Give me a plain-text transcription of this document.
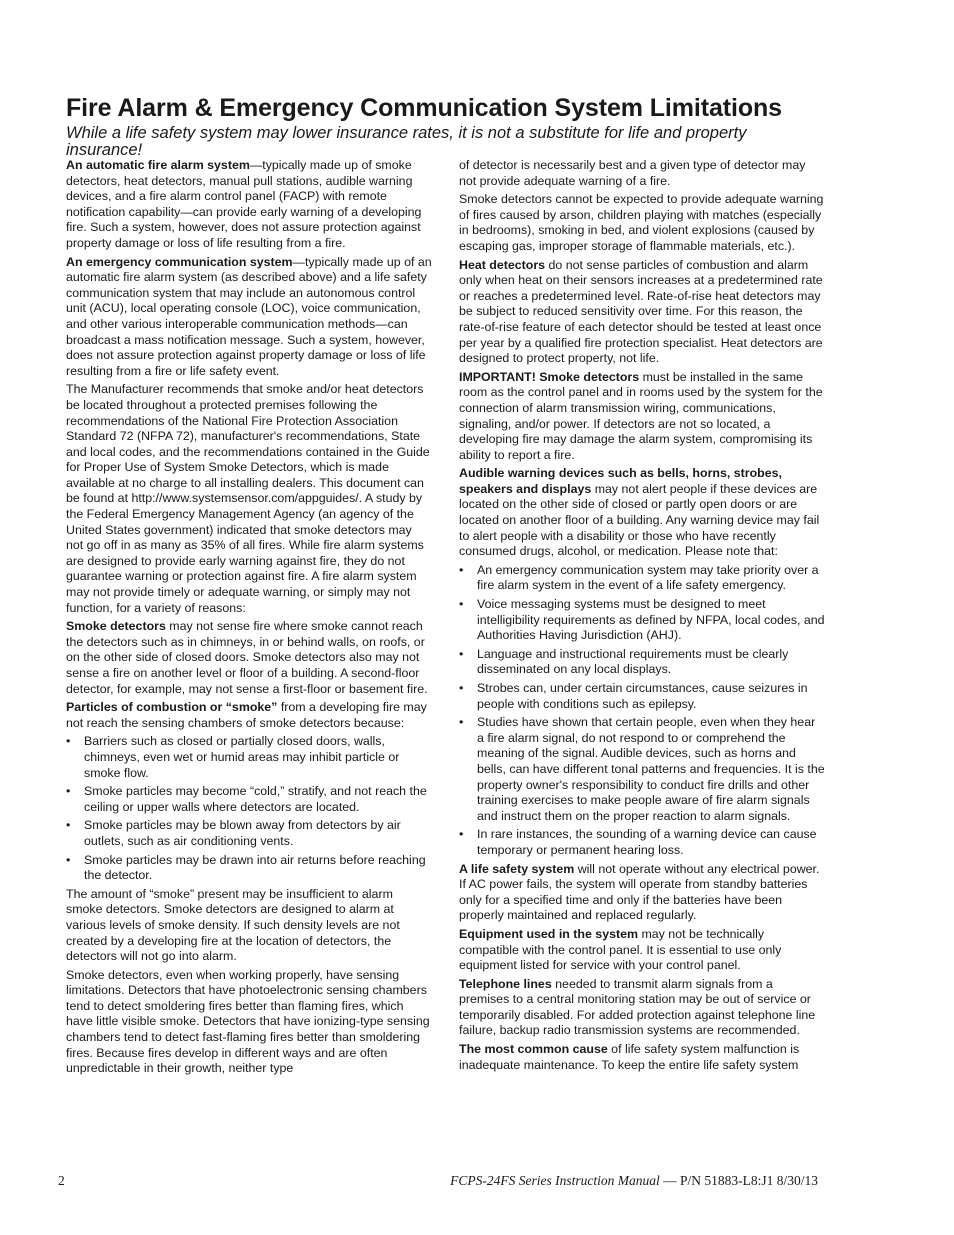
Fire Alarm & Emergency Communication System Limitations

While a life safety system may lower insurance rates, it is not a substitute for life and property insurance!

An automatic fire alarm system—typically made up of smoke detectors, heat detectors, manual pull stations, audible warning devices, and a fire alarm control panel (FACP) with remote notification capability—can provide early warning of a developing fire. Such a system, however, does not assure protection against property damage or loss of life resulting from a fire.

An emergency communication system—typically made up of an automatic fire alarm system (as described above) and a life safety communication system that may include an autonomous control unit (ACU), local operating console (LOC), voice communication, and other various interoperable communication methods—can broadcast a mass notification message. Such a system, however, does not assure protection against property damage or loss of life resulting from a fire or life safety event.

The Manufacturer recommends that smoke and/or heat detectors be located throughout a protected premises following the recommendations of the National Fire Protection Association Standard 72 (NFPA 72), manufacturer's recommendations, State and local codes, and the recommendations contained in the Guide for Proper Use of System Smoke Detectors, which is made available at no charge to all installing dealers. This document can be found at http://www.systemsensor.com/appguides/. A study by the Federal Emergency Management Agency (an agency of the United States government) indicated that smoke detectors may not go off in as many as 35% of all fires. While fire alarm systems are designed to provide early warning against fire, they do not guarantee warning or protection against fire. A fire alarm system may not provide timely or adequate warning, or simply may not function, for a variety of reasons:

Smoke detectors may not sense fire where smoke cannot reach the detectors such as in chimneys, in or behind walls, on roofs, or on the other side of closed doors. Smoke detectors also may not sense a fire on another level or floor of a building. A second-floor detector, for example, may not sense a first-floor or basement fire.

Particles of combustion or “smoke” from a developing fire may not reach the sensing chambers of smoke detectors because:

• Barriers such as closed or partially closed doors, walls, chimneys, even wet or humid areas may inhibit particle or smoke flow.
• Smoke particles may become “cold,” stratify, and not reach the ceiling or upper walls where detectors are located.
• Smoke particles may be blown away from detectors by air outlets, such as air conditioning vents.
• Smoke particles may be drawn into air returns before reaching the detector.

The amount of “smoke” present may be insufficient to alarm smoke detectors. Smoke detectors are designed to alarm at various levels of smoke density. If such density levels are not created by a developing fire at the location of detectors, the detectors will not go into alarm.

Smoke detectors, even when working properly, have sensing limitations. Detectors that have photoelectronic sensing chambers tend to detect smoldering fires better than flaming fires, which have little visible smoke. Detectors that have ionizing-type sensing chambers tend to detect fast-flaming fires better than smoldering fires. Because fires develop in different ways and are often unpredictable in their growth, neither type

of detector is necessarily best and a given type of detector may not provide adequate warning of a fire.

Smoke detectors cannot be expected to provide adequate warning of fires caused by arson, children playing with matches (especially in bedrooms), smoking in bed, and violent explosions (caused by escaping gas, improper storage of flammable materials, etc.).

Heat detectors do not sense particles of combustion and alarm only when heat on their sensors increases at a predetermined rate or reaches a predetermined level. Rate-of-rise heat detectors may be subject to reduced sensitivity over time. For this reason, the rate-of-rise feature of each detector should be tested at least once per year by a qualified fire protection specialist. Heat detectors are designed to protect property, not life.

IMPORTANT! Smoke detectors must be installed in the same room as the control panel and in rooms used by the system for the connection of alarm transmission wiring, communications, signaling, and/or power. If detectors are not so located, a developing fire may damage the alarm system, compromising its ability to report a fire.

Audible warning devices such as bells, horns, strobes, speakers and displays may not alert people if these devices are located on the other side of closed or partly open doors or are located on another floor of a building. Any warning device may fail to alert people with a disability or those who have recently consumed drugs, alcohol, or medication. Please note that:

• An emergency communication system may take priority over a fire alarm system in the event of a life safety emergency.
• Voice messaging systems must be designed to meet intelligibility requirements as defined by NFPA, local codes, and Authorities Having Jurisdiction (AHJ).
• Language and instructional requirements must be clearly disseminated on any local displays.
• Strobes can, under certain circumstances, cause seizures in people with conditions such as epilepsy.
• Studies have shown that certain people, even when they hear a fire alarm signal, do not respond to or comprehend the meaning of the signal. Audible devices, such as horns and bells, can have different tonal patterns and frequencies. It is the property owner's responsibility to conduct fire drills and other training exercises to make people aware of fire alarm signals and instruct them on the proper reaction to alarm signals.
• In rare instances, the sounding of a warning device can cause temporary or permanent hearing loss.

A life safety system will not operate without any electrical power. If AC power fails, the system will operate from standby batteries only for a specified time and only if the batteries have been properly maintained and replaced regularly.

Equipment used in the system may not be technically compatible with the control panel. It is essential to use only equipment listed for service with your control panel.

Telephone lines needed to transmit alarm signals from a premises to a central monitoring station may be out of service or temporarily disabled. For added protection against telephone line failure, backup radio transmission systems are recommended.

The most common cause of life safety system malfunction is inadequate maintenance. To keep the entire life safety system

2	FCPS-24FS Series Instruction Manual — P/N 51883-L8:J1 8/30/13
